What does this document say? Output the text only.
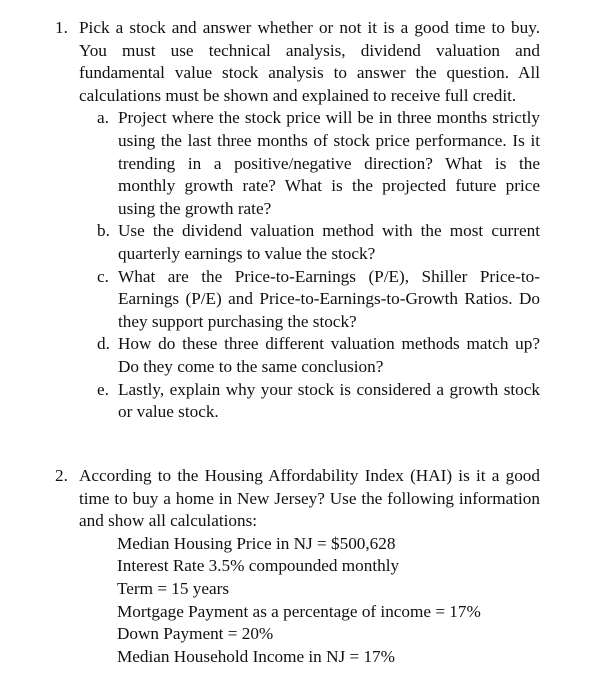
1. Pick a stock and answer whether or not it is a good time to buy. You must use technical analysis, dividend valuation and fundamental value stock analysis to answer the question. All calculations must be shown and explained to receive full credit.
a. Project where the stock price will be in three months strictly using the last three months of stock price performance. Is it trending in a positive/negative direction? What is the monthly growth rate? What is the projected future price using the growth rate?
b. Use the dividend valuation method with the most current quarterly earnings to value the stock?
c. What are the Price-to-Earnings (P/E), Shiller Price-to-Earnings (P/E) and Price-to-Earnings-to-Growth Ratios. Do they support purchasing the stock?
d. How do these three different valuation methods match up? Do they come to the same conclusion?
e. Lastly, explain why your stock is considered a growth stock or value stock.
2. According to the Housing Affordability Index (HAI) is it a good time to buy a home in New Jersey? Use the following information and show all calculations:
Median Housing Price in NJ = $500,628
Interest Rate 3.5% compounded monthly
Term = 15 years
Mortgage Payment as a percentage of income = 17%
Down Payment = 20%
Median Household Income in NJ = 17%
